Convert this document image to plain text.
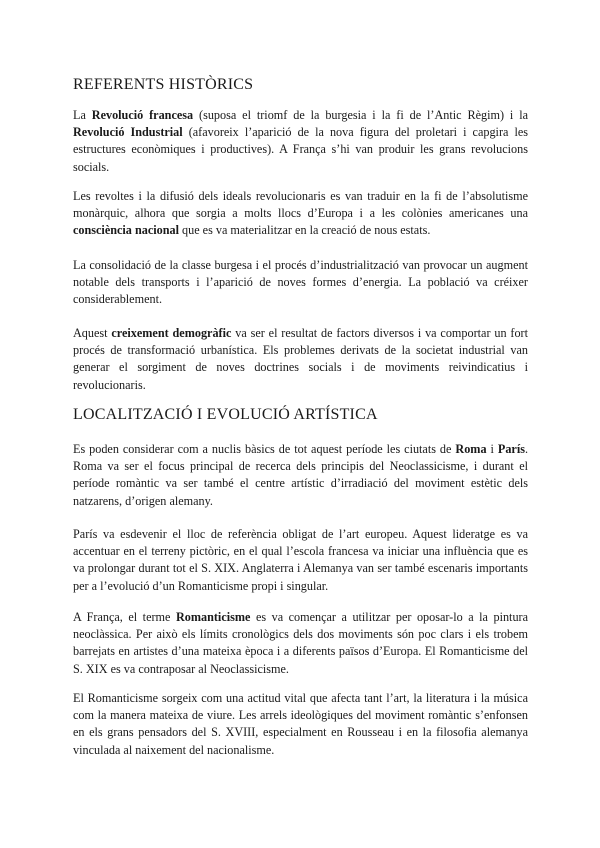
REFERENTS HISTÒRICS

La Revolució francesa (suposa el triomf de la burgesia i la fi de l’Antic Règim) i la Revolució Industrial (afavoreix l’aparició de la nova figura del proletari i capgira les estructures econòmiques i productives). A França s’hi van produir les grans revolucions socials.

Les revoltes i la difusió dels ideals revolucionaris es van traduir en la fi de l’absolutisme monàrquic, alhora que sorgia a molts llocs d’Europa i a les colònies americanes una consciència nacional que es va materialitzar en la creació de nous estats.

La consolidació de la classe burgesa i el procés d’industrialització van provocar un augment notable dels transports i l’aparició de noves formes d’energia. La població va créixer considerablement.

Aquest creixement demogràfic va ser el resultat de factors diversos i va comportar un fort procés de transformació urbanística. Els problemes derivats de la societat industrial van generar el sorgiment de noves doctrines socials i de moviments reivindicatius i revolucionaris.

LOCALITZACIÓ I EVOLUCIÓ ARTÍSTICA

Es poden considerar com a nuclis bàsics de tot aquest període les ciutats de Roma i París. Roma va ser el focus principal de recerca dels principis del Neoclassicisme, i durant el període romàntic va ser també el centre artístic d’irradiació del moviment estètic dels natzarens, d’origen alemany.

París va esdevenir el lloc de referència obligat de l’art europeu. Aquest lideratge es va accentuar en el terreny pictòric, en el qual l’escola francesa va iniciar una influència que es va prolongar durant tot el S. XIX. Anglaterra i Alemanya van ser també escenaris importants per a l’evolució d’un Romanticisme propi i singular.

A França, el terme Romanticisme es va començar a utilitzar per oposar-lo a la pintura neoclàssica. Per això els límits cronològics dels dos moviments són poc clars i els trobem barrejats en artistes d’una mateixa època i a diferents països d’Europa. El Romanticisme del S. XIX es va contraposar al Neoclassicisme.

El Romanticisme sorgeix com una actitud vital que afecta tant l’art, la literatura i la música com la manera mateixa de viure. Les arrels ideològiques del moviment romàntic s’enfonsen en els grans pensadors del S. XVIII, especialment en Rousseau i en la filosofia alemanya vinculada al naixement del nacionalisme.
